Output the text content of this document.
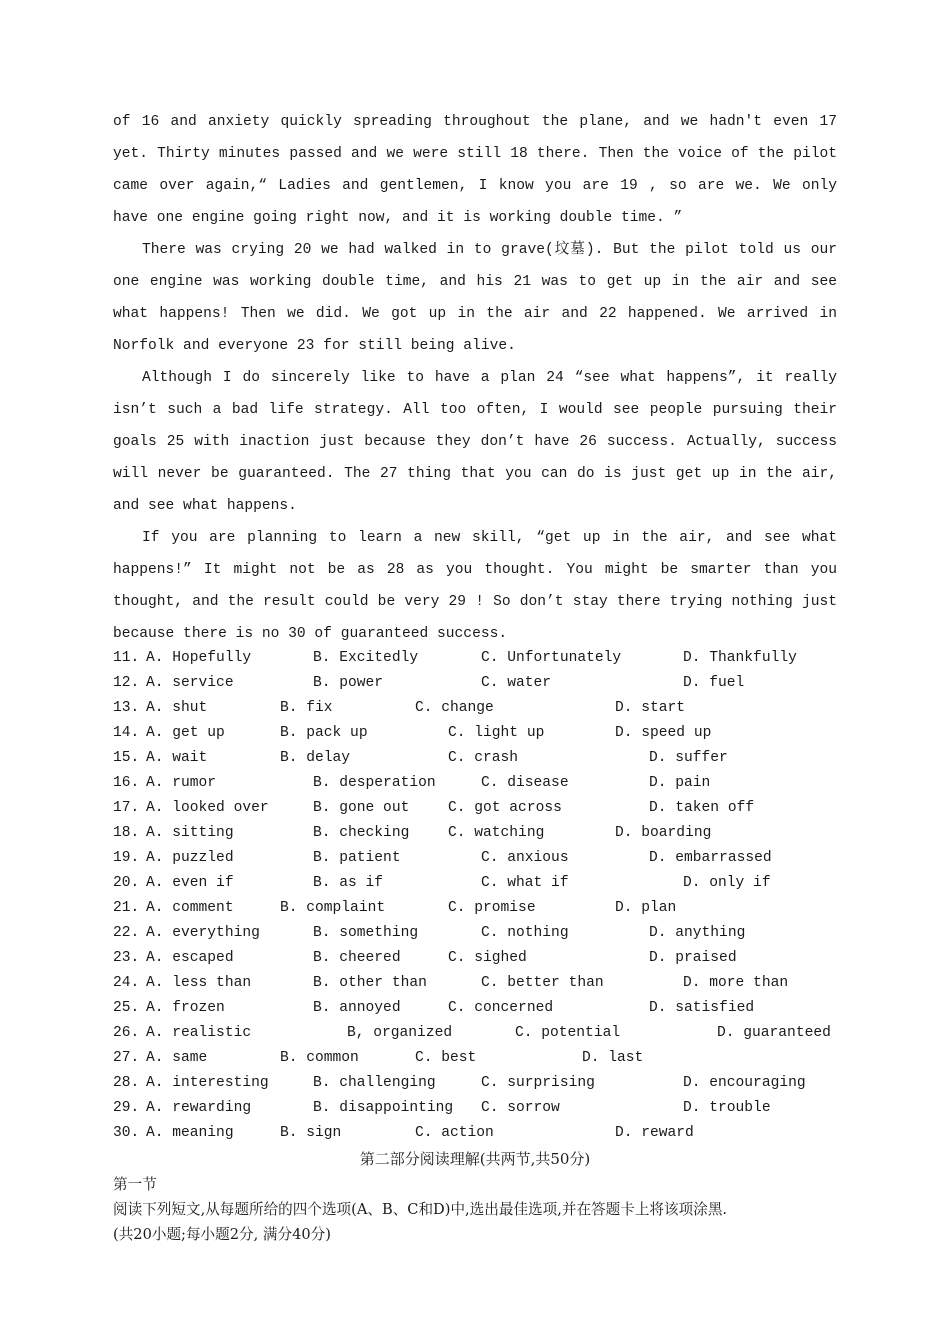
of 16 and anxiety quickly spreading throughout the plane, and we hadn't even 17 yet. Thirty minutes passed and we were still 18 there. Then the voice of the pilot came over again,“ Ladies and gentlemen, I know you are 19 , so are we. We only have one engine going right now, and it is working double time. ”

There was crying 20 we had walked in to grave(坟墓). But the pilot told us our one engine was working double time, and his 21 was to get up in the air and see what happens! Then we did. We got up in the air and 22 happened. We arrived in Norfolk and everyone 23 for still being alive.

Although I do sincerely like to have a plan 24 “see what happens”, it really isn’t such a bad life strategy. All too often, I would see people pursuing their goals 25 with inaction just because they don’t have 26 success. Actually, success will never be guaranteed. The 27 thing that you can do is just get up in the air, and see what happens.

If you are planning to learn a new skill, “get up in the air, and see what happens!” It might not be as 28 as you thought. You might be smarter than you thought, and the result could be very 29 ! So don’t stay there trying nothing just because there is no 30 of guaranteed success.

11. A. Hopefully	B. Excitedly	C. Unfortunately	D. Thankfully
12. A. service	B. power	C. water	D. fuel
13. A. shut	B. fix	C. change	D. start
14. A. get up	B. pack up	C. light up	D. speed up
15. A. wait	B. delay	C. crash	D. suffer
16. A. rumor	B. desperation	C. disease	D. pain
17. A. looked over	B. gone out	C. got across	D. taken off
18. A. sitting	B. checking	C. watching	D. boarding
19. A. puzzled	B. patient	C. anxious	D. embarrassed
20. A. even if	B. as if	C. what if	D. only if
21. A. comment	B. complaint	C. promise	D. plan
22. A. everything	B. something	C. nothing	D. anything
23. A. escaped	B. cheered	C. sighed	D. praised
24. A. less than	B. other than	C. better than	D. more than
25. A. frozen	B. annoyed	C. concerned	D. satisfied
26. A. realistic	B, organized	C. potential	D. guaranteed
27. A. same	B. common	C. best	D. last
28. A. interesting	B. challenging	C. surprising	D. encouraging
29. A. rewarding	B. disappointing C. sorrow	D. trouble
30. A. meaning	B. sign	C. action	D. reward
第二部分阅读理解(共两节,共50分)

第一节

阅读下列短文,从每题所给的四个选项(A、B、C和D)中,选出最佳选项,并在答题卡上将该项涂黑.

(共20小题;每小题2分, 满分40分)
